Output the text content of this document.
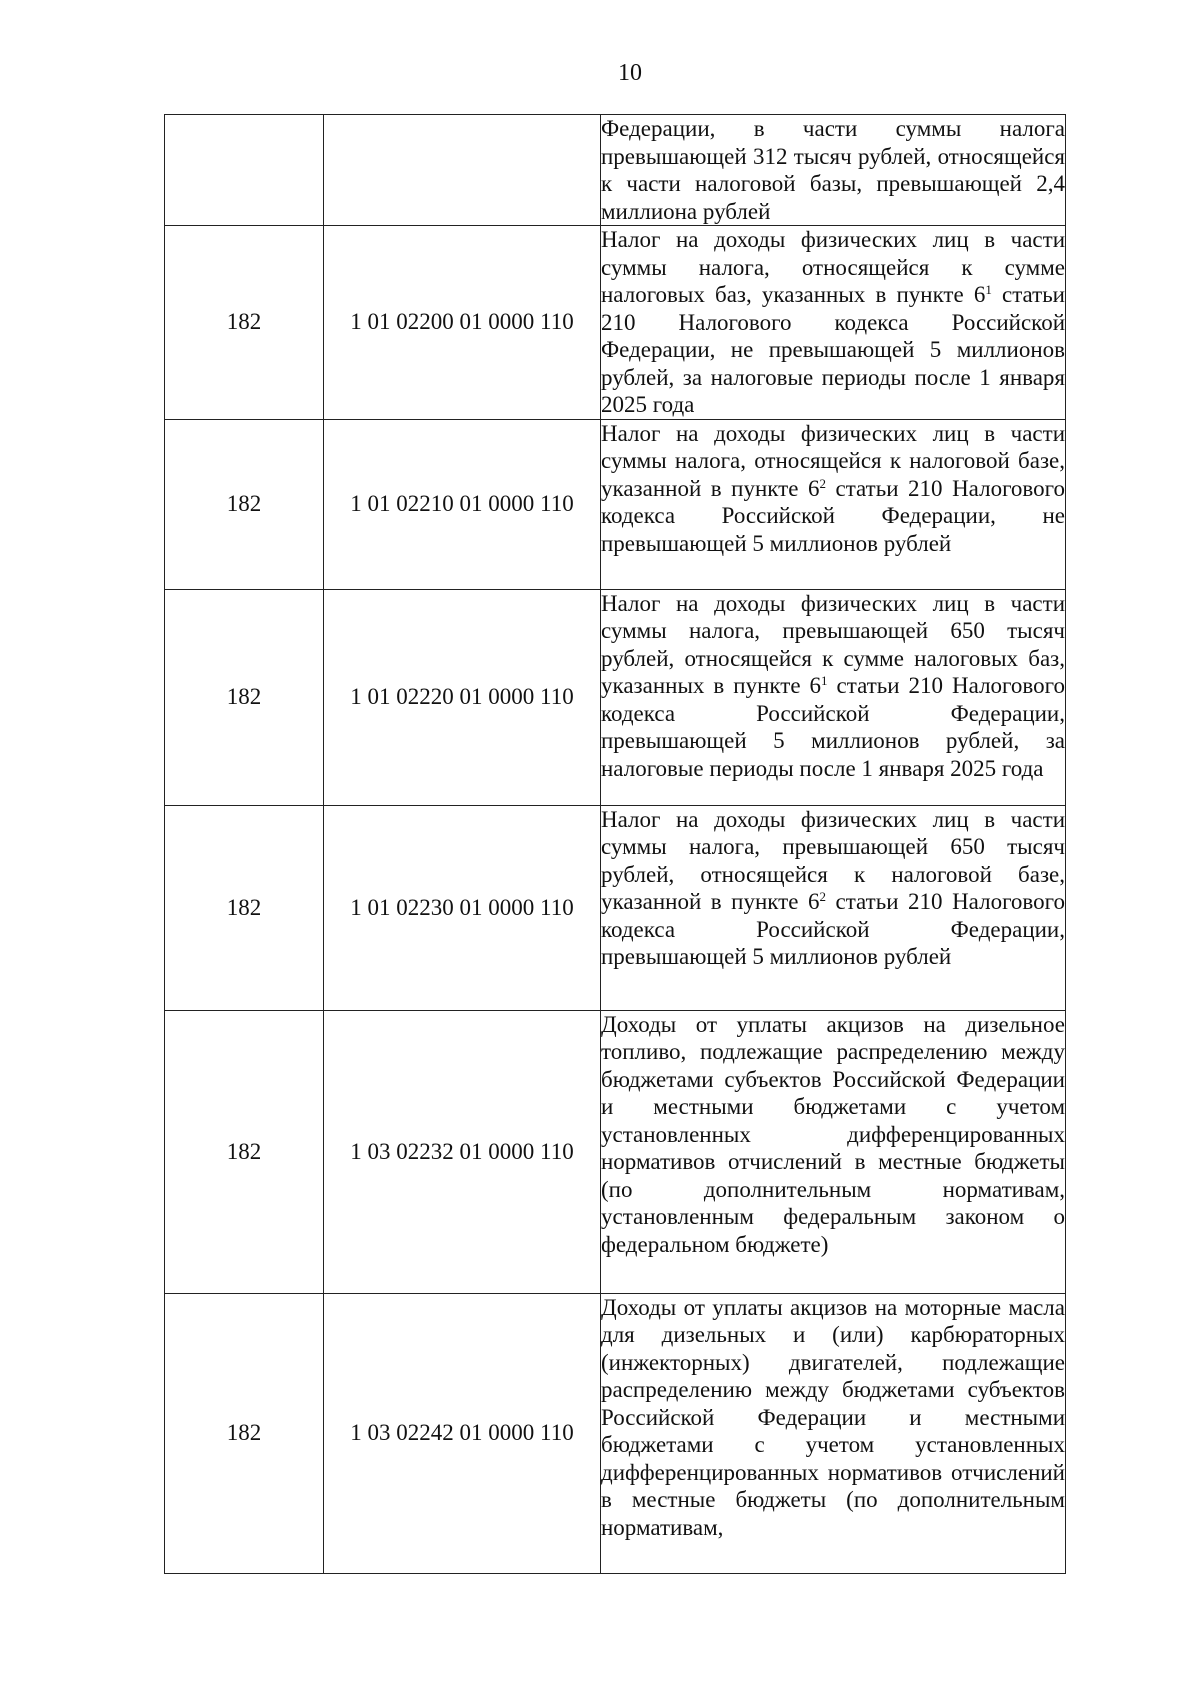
10
		Федерации, в части суммы налога превышающей 312 тысяч рублей, относящейся к части налоговой базы, превышающей 2,4 миллиона рублей
182	1 01 02200 01 0000 110	Налог на доходы физических лиц в части суммы налога, относящейся к сумме налоговых баз, указанных в пункте $6^1$ статьи 210 Налогового кодекса Российской Федерации, не превышающей 5 миллионов рублей, за налоговые периоды после 1 января 2025 года
182	1 01 02210 01 0000 110	Налог на доходы физических лиц в части суммы налога, относящейся к налоговой базе, указанной в пункте $6^2$ статьи 210 Налогового кодекса Российской Федерации, не превышающей 5 миллионов рублей
182	1 01 02220 01 0000 110	Налог на доходы физических лиц в части суммы налога, превышающей 650 тысяч рублей, относящейся к сумме налоговых баз, указанных в пункте $6^1$ статьи 210 Налогового кодекса Российской Федерации, превышающей 5 миллионов рублей, за налоговые периоды после 1 января 2025 года
182	1 01 02230 01 0000 110	Налог на доходы физических лиц в части суммы налога, превышающей 650 тысяч рублей, относящейся к налоговой базе, указанной в пункте $6^2$ статьи 210 Налогового кодекса Российской Федерации, превышающей 5 миллионов рублей
182	1 03 02232 01 0000 110	Доходы от уплаты акцизов на дизельное топливо, подлежащие распределению между бюджетами субъектов Российской Федерации и местными бюджетами с учетом установленных дифференцированных нормативов отчислений в местные бюджеты (по дополнительным нормативам, установленным федеральным законом о федеральном бюджете)
182	1 03 02242 01 0000 110	Доходы от уплаты акцизов на моторные масла для дизельных и (или) карбюраторных (инжекторных) двигателей, подлежащие распределению между бюджетами субъектов Российской Федерации и местными бюджетами с учетом установленных дифференцированных нормативов отчислений в местные бюджеты (по дополнительным нормативам,
